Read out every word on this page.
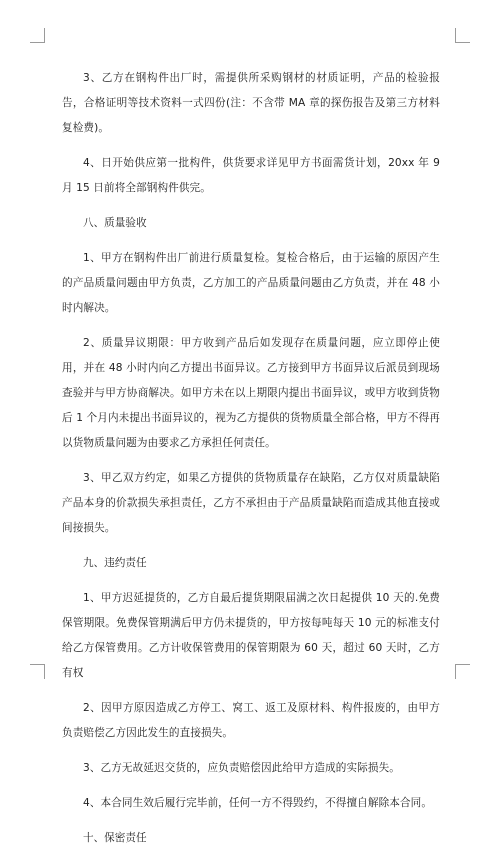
3、乙方在钢构件出厂时，需提供所采购钢材的材质证明，产品的检验报告，合格证明等技术资料一式四份(注：不含带 MA 章的探伤报告及第三方材料复检费)。

4、日开始供应第一批构件，供货要求详见甲方书面需货计划，20xx 年 9 月 15 日前将全部钢构件供完。

八、质量验收

1、甲方在钢构件出厂前进行质量复检。复检合格后，由于运输的原因产生的产品质量问题由甲方负责，乙方加工的产品质量问题由乙方负责，并在 48 小时内解决。

2、质量异议期限：甲方收到产品后如发现存在质量问题，应立即停止使用，并在 48 小时内向乙方提出书面异议。乙方接到甲方书面异议后派员到现场查验并与甲方协商解决。如甲方未在以上期限内提出书面异议，或甲方收到货物后 1 个月内未提出书面异议的，视为乙方提供的货物质量全部合格，甲方不得再以货物质量问题为由要求乙方承担任何责任。

3、甲乙双方约定，如果乙方提供的货物质量存在缺陷，乙方仅对质量缺陷产品本身的价款损失承担责任，乙方不承担由于产品质量缺陷而造成其他直接或间接损失。

九、违约责任

1、甲方迟延提货的，乙方自最后提货期限届满之次日起提供 10 天的.免费保管期限。免费保管期满后甲方仍未提货的，甲方按每吨每天 10 元的标准支付给乙方保管费用。乙方计收保管费用的保管期限为 60 天，超过 60 天时，乙方有权

2、因甲方原因造成乙方停工、窝工、返工及原材料、构件报废的，由甲方负责赔偿乙方因此发生的直接损失。

3、乙方无故延迟交货的，应负责赔偿因此给甲方造成的实际损失。

4、本合同生效后履行完毕前，任何一方不得毁约，不得擅自解除本合同。

十、保密责任
